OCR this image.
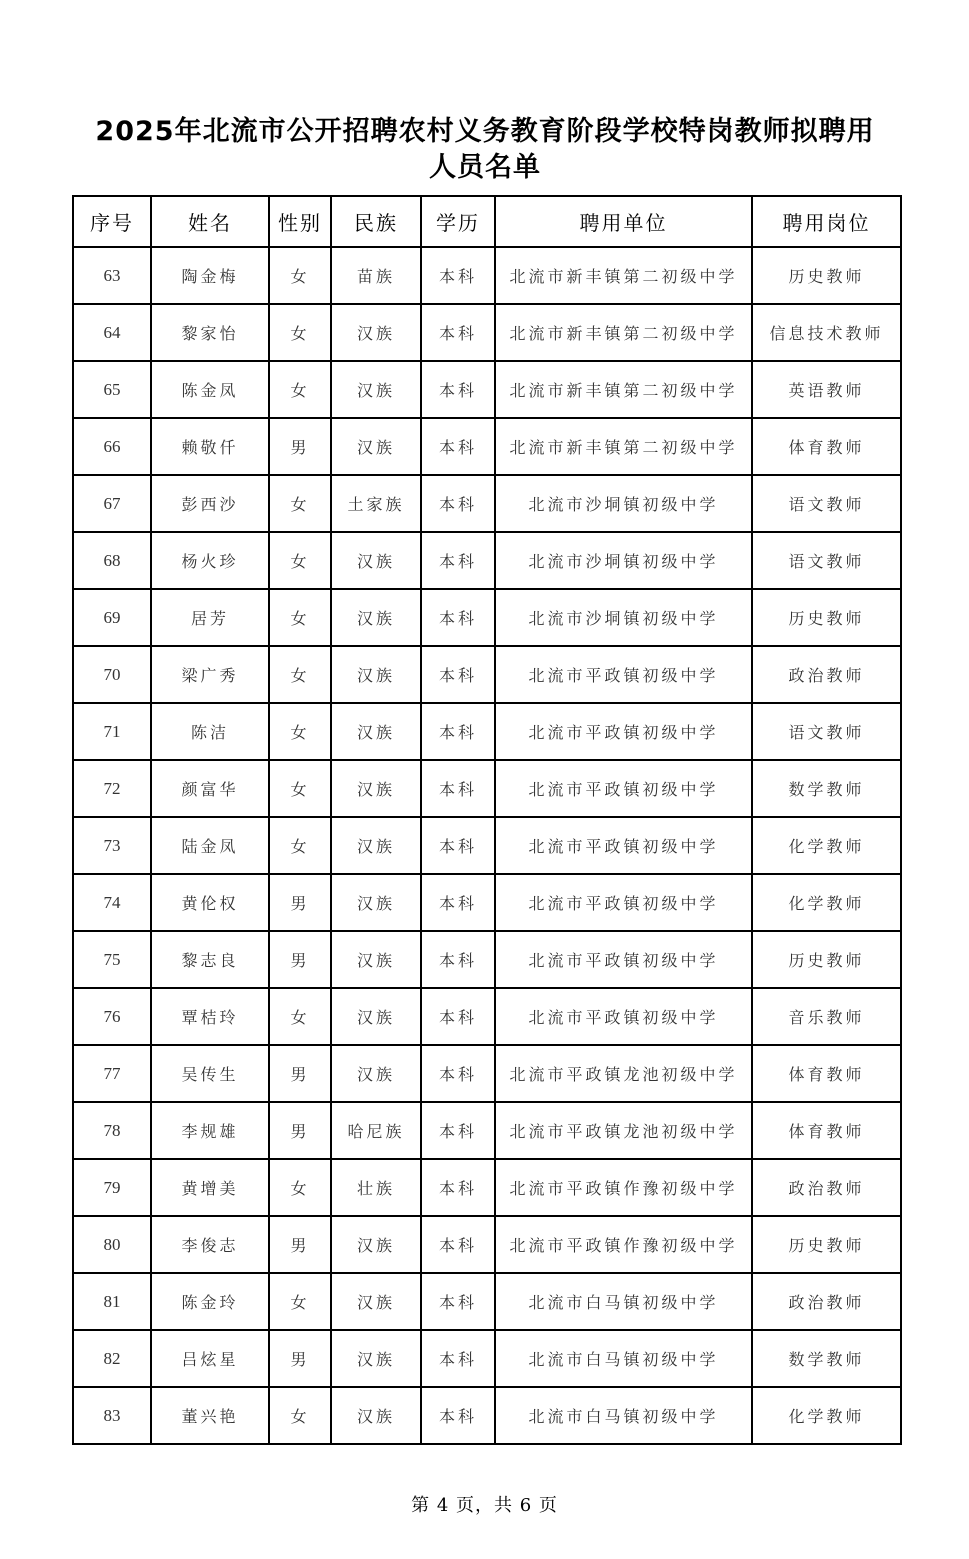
2025年北流市公开招聘农村义务教育阶段学校特岗教师拟聘用
人员名单
序号	姓名	性别	民族	学历	聘用单位	聘用岗位
63	陶金梅	女	苗族	本科	北流市新丰镇第二初级中学	历史教师
64	黎家怡	女	汉族	本科	北流市新丰镇第二初级中学	信息技术教师
65	陈金凤	女	汉族	本科	北流市新丰镇第二初级中学	英语教师
66	赖敬仟	男	汉族	本科	北流市新丰镇第二初级中学	体育教师
67	彭西沙	女	土家族	本科	北流市沙垌镇初级中学	语文教师
68	杨火珍	女	汉族	本科	北流市沙垌镇初级中学	语文教师
69	居芳	女	汉族	本科	北流市沙垌镇初级中学	历史教师
70	梁广秀	女	汉族	本科	北流市平政镇初级中学	政治教师
71	陈洁	女	汉族	本科	北流市平政镇初级中学	语文教师
72	颜富华	女	汉族	本科	北流市平政镇初级中学	数学教师
73	陆金凤	女	汉族	本科	北流市平政镇初级中学	化学教师
74	黄伦权	男	汉族	本科	北流市平政镇初级中学	化学教师
75	黎志良	男	汉族	本科	北流市平政镇初级中学	历史教师
76	覃桔玲	女	汉族	本科	北流市平政镇初级中学	音乐教师
77	吴传生	男	汉族	本科	北流市平政镇龙池初级中学	体育教师
78	李规雄	男	哈尼族	本科	北流市平政镇龙池初级中学	体育教师
79	黄增美	女	壮族	本科	北流市平政镇作豫初级中学	政治教师
80	李俊志	男	汉族	本科	北流市平政镇作豫初级中学	历史教师
81	陈金玲	女	汉族	本科	北流市白马镇初级中学	政治教师
82	吕炫星	男	汉族	本科	北流市白马镇初级中学	数学教师
83	董兴艳	女	汉族	本科	北流市白马镇初级中学	化学教师
第 4 页，共 6 页
